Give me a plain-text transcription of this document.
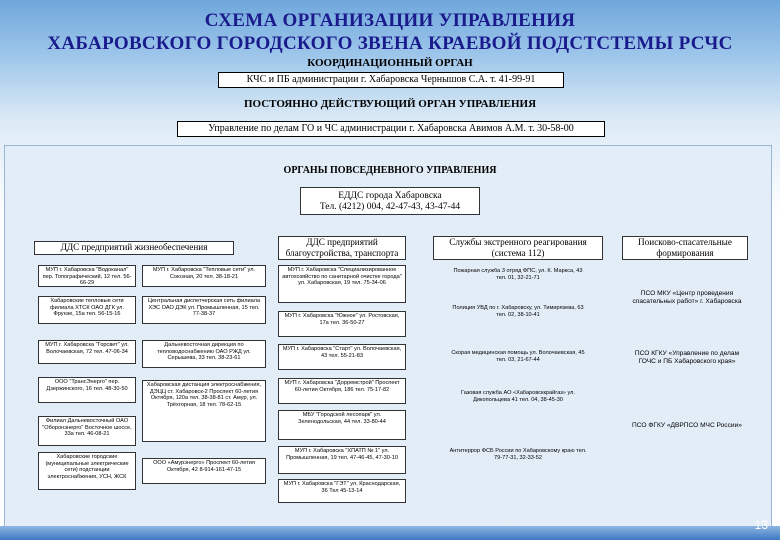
СХЕМА ОРГАНИЗАЦИИ УПРАВЛЕНИЯ
ХАБАРОВСКОГО ГОРОДСКОГО ЗВЕНА КРАЕВОЙ ПОДСТСТЕМЫ РСЧС
КООРДИНАЦИОННЫЙ ОРГАН
КЧС и ПБ администрации г. Хабаровска Чернышов С.А. т. 41-99-91
ПОСТОЯННО ДЕЙСТВУЮЩИЙ ОРГАН УПРАВЛЕНИЯ
Управление по делам ГО и ЧС администрации г. Хабаровска Авимов А.М. т. 30-58-00
ОРГАНЫ ПОВСЕДНЕВНОГО УПРАВЛЕНИЯ
ЕДДС города Хабаровска
Тел. (4212) 004, 42-47-43, 43-47-44
ДДС предприятий жизнеобеспечения	ДДС предприятий благоустройства, транспорта
Службы экстренного реагирования (система 112)
Поисково-спасательные формирования
МУП г. Хабаровска "Водоканал" пер. Топографический, 12 тел. 56-66-29
Хабаровские тепловые сети филиала ХТСК ОАО ДГК ул. Фрунзе, 15а тел. 56-15-16
МУП г. Хабаровска "Горсвет" ул. Волочаевская, 72 тел. 47-06-34
ООО "ТрансЭнерго" пер. Дзержинского, 16 тел. 48-30-50
Филиал Дальневосточный ОАО "Оборонэнерго" Восточное шоссе, 33а тел. 46-08-21
Хабаровские городские (муниципальные электрические сети) подстанции электроснабжения, УСН, ЖСК
МУП г. Хабаровска "Тепловые сети" ул. Союзная, 20 тел. 38-18-21
Центральная диспетчерская сеть филиала ХЭС ОАО ДЭК ул. Промышленная, 15 тел. 77-38-37
Дальневосточная дирекция по тепловодоснабжению ОАО РЖД ул. Серышева, 33 тел. 38-23-61
Хабаровская дистанция электроснабжения, ДЭЦЦ ст. Хабаровск-2 Проспект 60-летия Октября, 120а тел. 38-38-81 ст. Амур, ул. Трёхгорная, 18 тел. 78-62-15
ООО «Амурэнерго» Проспект 60-летия Октября, 42 8-914-161-47-15
МУП г. Хабаровска "Специализированное автохозяйство по санитарной очистке города" ул. Хабаровская, 19 тел. 75-34-06
МУП г. Хабаровска "Южное" ул. Ростовская, 17а тел. 36-50-27
МУП г. Хабаровска "Старт" ул. Волочаевская, 43 тел. 55-21-83
МУП г. Хабаровска "Дорремстрой" Проспект 60-летия Октября, 186 тел. 75-17-82
МБУ "Городской лесопарк" ул. Зеленодольская, 44 тел. 33-80-44
МУП г. Хабаровска "ХПАТП № 1" ул. Промышленная, 19 тел. 47-46-45, 47-30-10
МУП г. Хабаровска "ГЭТ" ул. Краснодарская, 36 Тел 45-13-14
Пожарная служба 3 отряд ФПС, ул. К. Маркса, 43 тел. 01, 32-21-71
Полиция УВД по г. Хабаровску, ул. Тимирязева, 63 тел. 02, 38-10-41
Скорая медицинская помощь ул. Волочаевская, 45 тел. 03, 21-67-44
Газовая служба АО «Хабаровсккрайгаз» ул. Дикопольцева 41 тел. 04, 38-45-30
Антитеррор ФСБ России по Хабаровскому краю тел. 79-77-31, 32-33-52
ПСО МКУ «Центр проведения спасательных работ» г. Хабаровска
ПСО КГКУ «Управление по делам ГОЧС и ПБ Хабаровского края»
ПСО ФГКУ «ДВРПСО МЧС России»
13
